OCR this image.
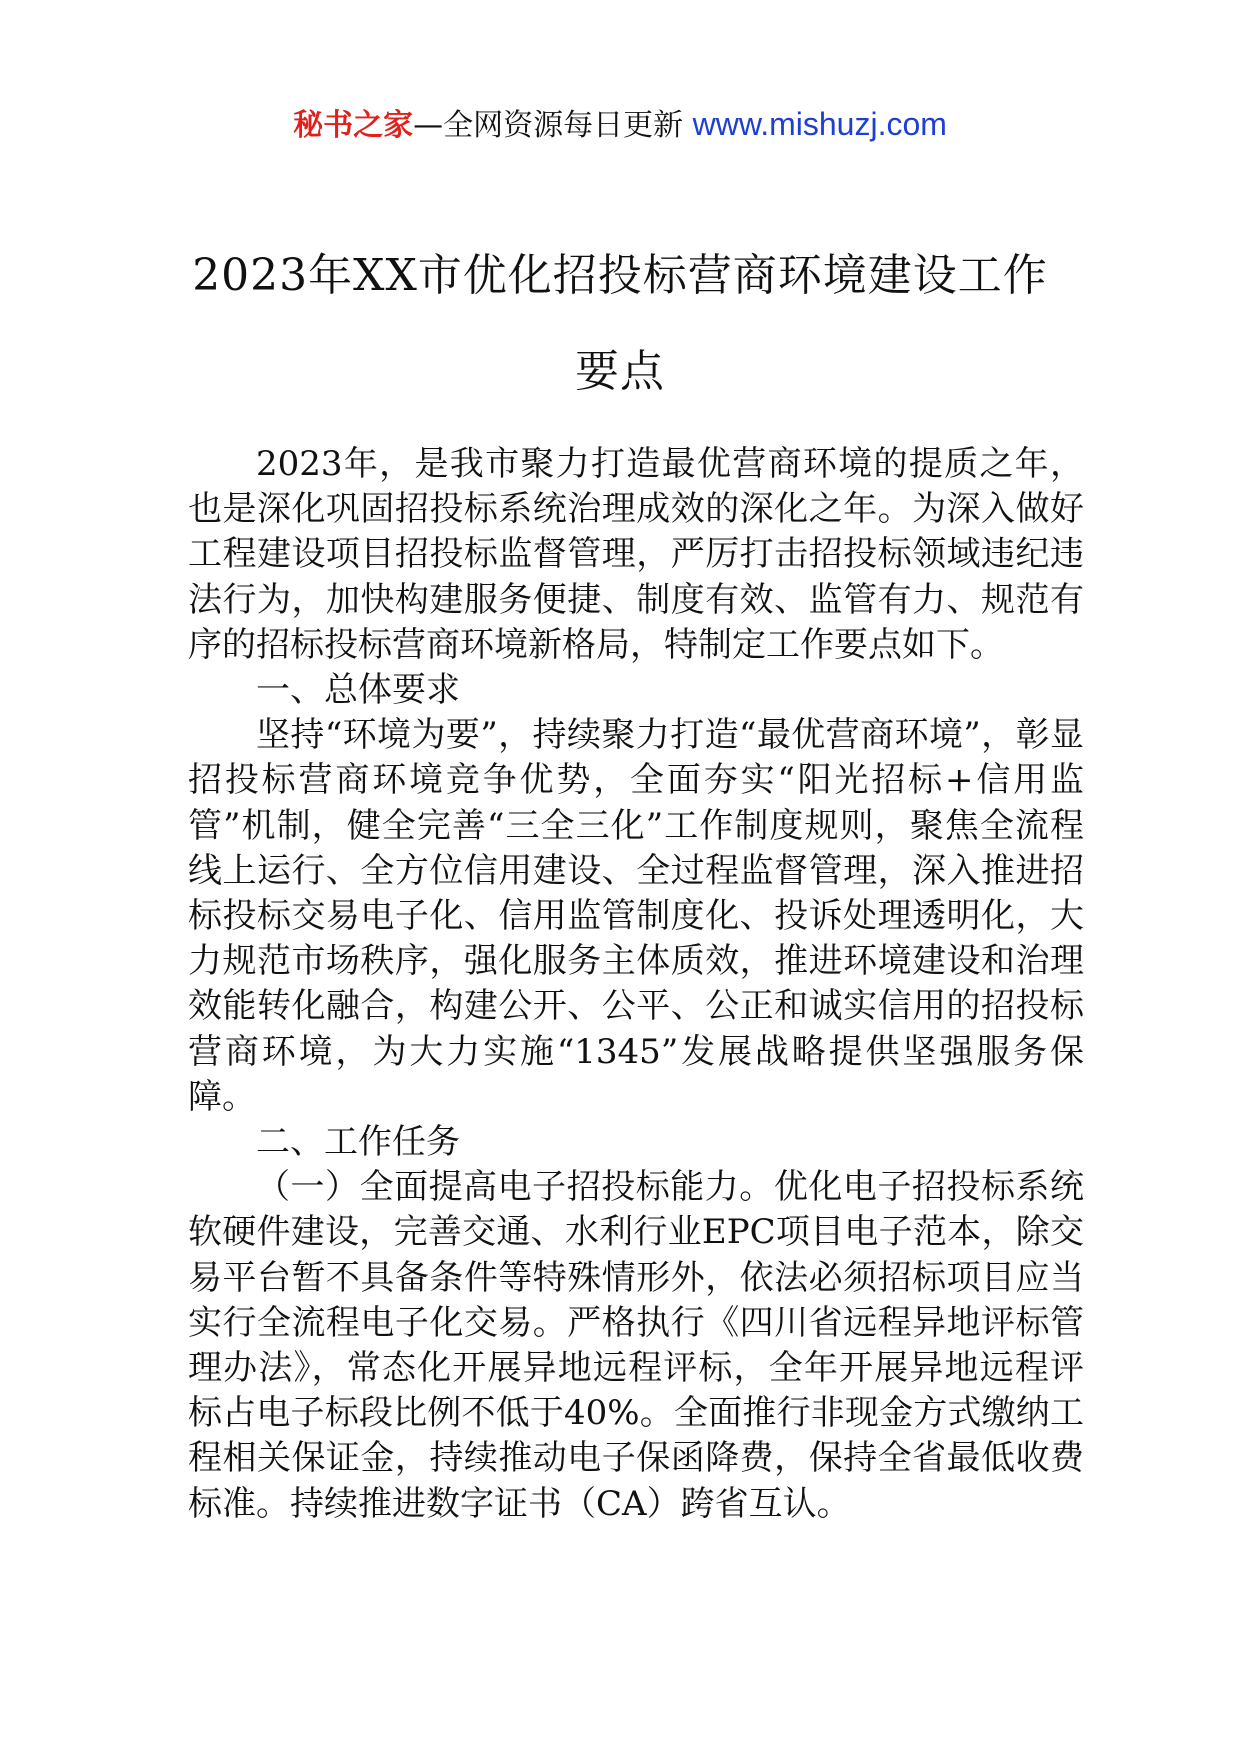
秘书之家—全网资源每日更新 www.mishuzj.com
2023年XX市优化招投标营商环境建设工作要点

2023年，是我市聚力打造最优营商环境的提质之年，也是深化巩固招投标系统治理成效的深化之年。为深入做好工程建设项目招投标监督管理，严厉打击招投标领域违纪违法行为，加快构建服务便捷、制度有效、监管有力、规范有序的招标投标营商环境新格局，特制定工作要点如下。

一、总体要求

坚持“环境为要”，持续聚力打造“最优营商环境”，彰显招投标营商环境竞争优势，全面夯实“阳光招标+信用监管”机制，健全完善“三全三化”工作制度规则，聚焦全流程线上运行、全方位信用建设、全过程监督管理，深入推进招标投标交易电子化、信用监管制度化、投诉处理透明化，大力规范市场秩序，强化服务主体质效，推进环境建设和治理效能转化融合，构建公开、公平、公正和诚实信用的招投标营商环境，为大力实施“1345”发展战略提供坚强服务保障。

二、工作任务

（一）全面提高电子招投标能力。优化电子招投标系统软硬件建设，完善交通、水利行业EPC项目电子范本，除交易平台暂不具备条件等特殊情形外，依法必须招标项目应当实行全流程电子化交易。严格执行《四川省远程异地评标管理办法》，常态化开展异地远程评标，全年开展异地远程评标占电子标段比例不低于40%。全面推行非现金方式缴纳工程相关保证金，持续推动电子保函降费，保持全省最低收费标准。持续推进数字证书（CA）跨省互认。
